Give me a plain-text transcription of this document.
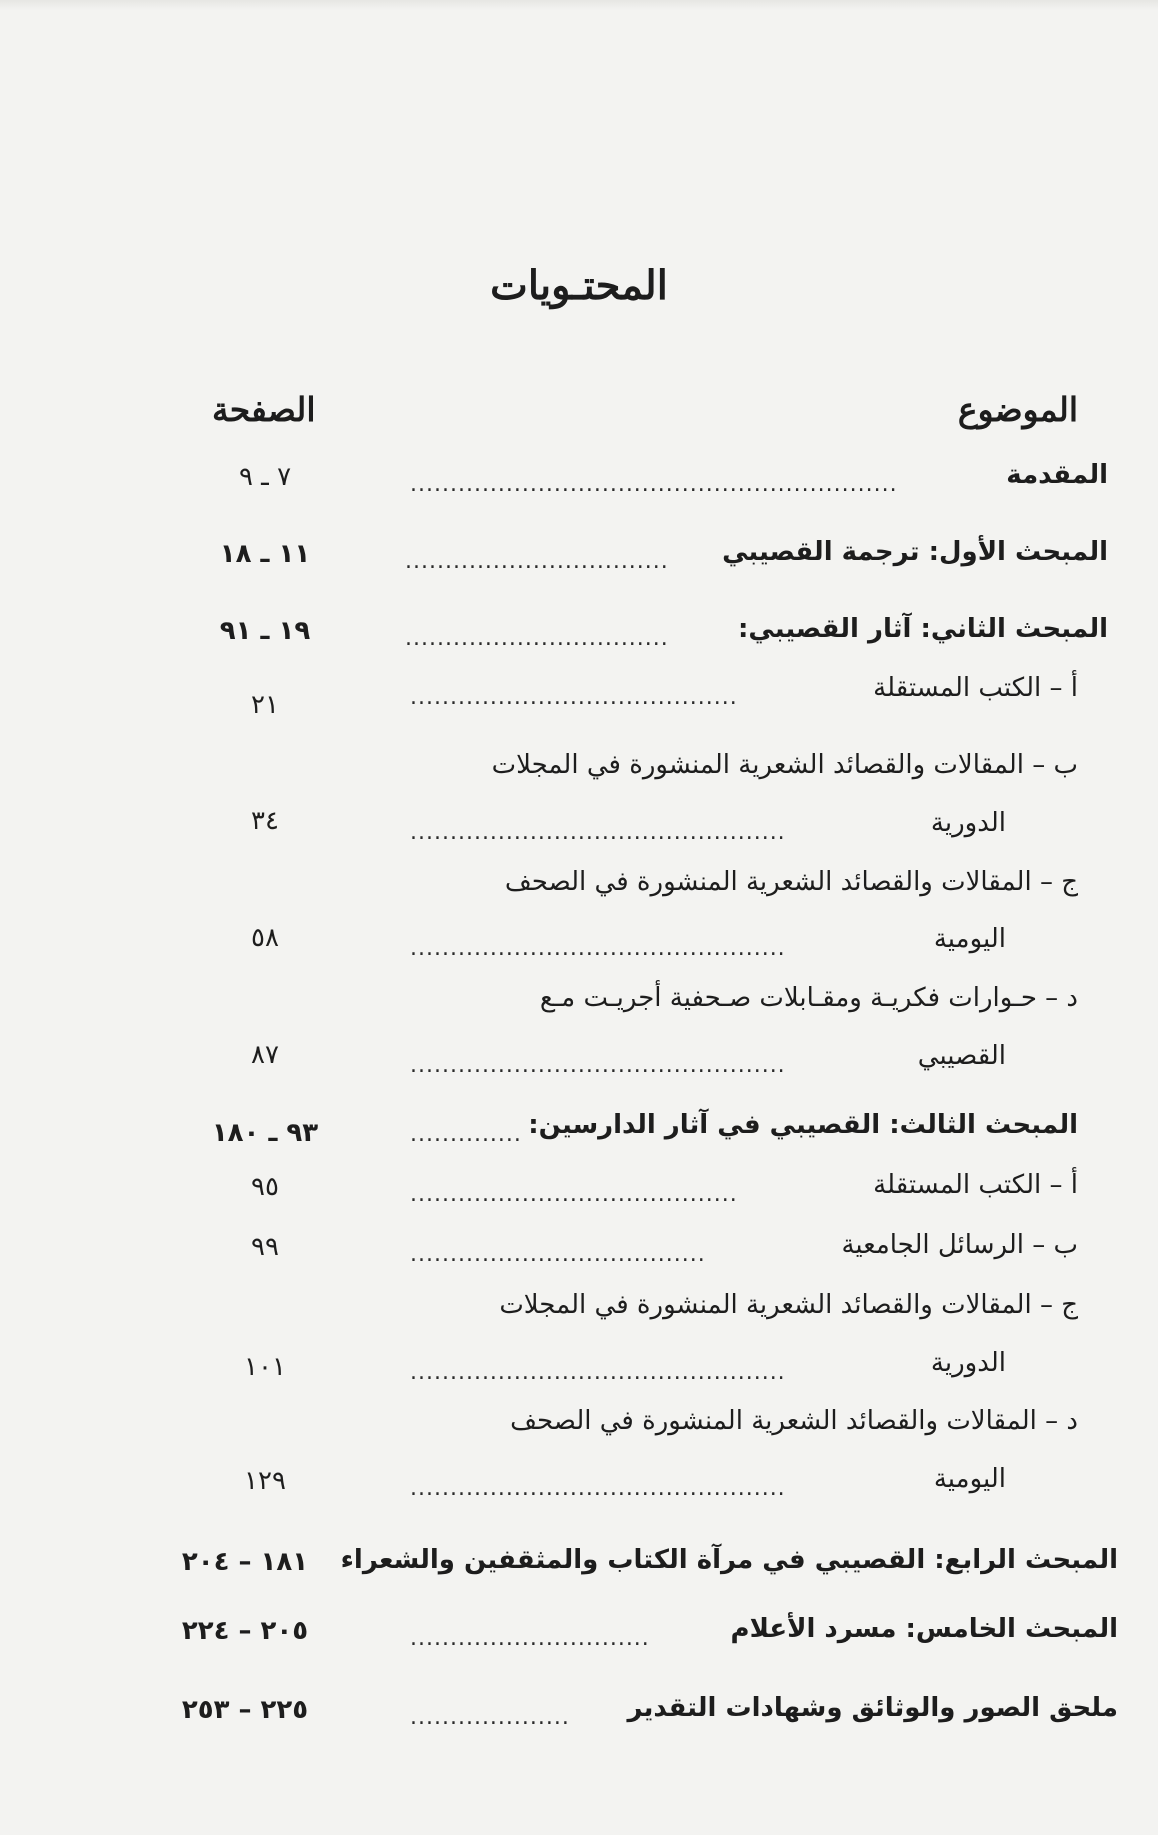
المحتـويات
الموضوع
الصفحة
المقدمة
.............................................................
٧ ـ ٩
المبحث الأول: ترجمة القصيبي
.................................
١١ ـ ١٨
المبحث الثاني: آثار القصيبي:
.................................
١٩ ـ ٩١
أ – الكتب المستقلة
.........................................
٢١
ب – المقالات والقصائد الشعرية المنشورة في المجلات
الدورية
...............................................
٣٤
ج – المقالات والقصائد الشعرية المنشورة في الصحف
اليومية
...............................................
٥٨
د – حـوارات فكريـة ومقـابلات صـحفية أجريـت مـع
القصيبي
...............................................
٨٧
المبحث الثالث: القصيبي في آثار الدارسين:
..............
٩٣ ـ ١٨٠
أ – الكتب المستقلة
.........................................
٩٥
ب – الرسائل الجامعية
.....................................
٩٩
ج – المقالات والقصائد الشعرية المنشورة في المجلات
الدورية
...............................................
١٠١
د – المقالات والقصائد الشعرية المنشورة في الصحف
اليومية
...............................................
١٢٩
المبحث الرابع: القصيبي في مرآة الكتاب والمثقفين والشعراء
١٨١ – ٢٠٤
المبحث الخامس: مسرد الأعلام
..............................
٢٠٥ – ٢٢٤
ملحق الصور والوثائق وشهادات التقدير
....................
٢٢٥ – ٢٥٣
